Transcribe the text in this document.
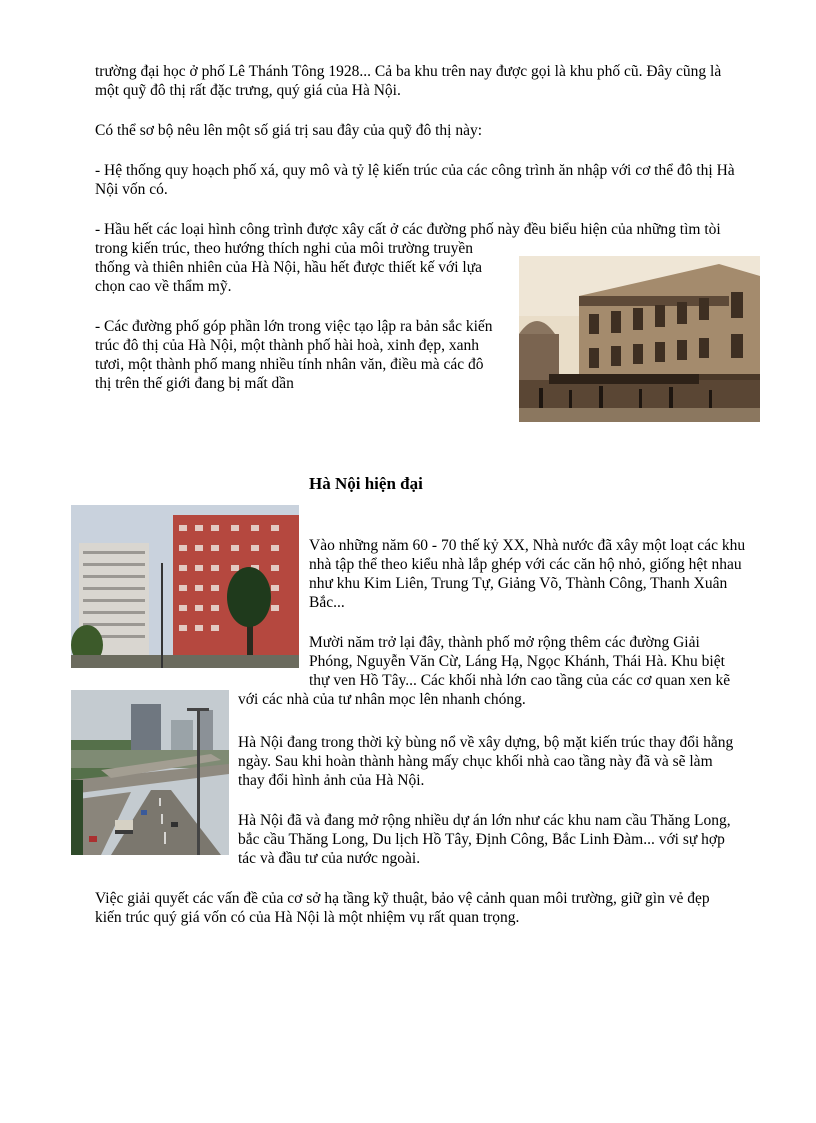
trường đại học ở phố Lê Thánh Tông 1928... Cả ba khu trên nay được gọi là khu phố cũ. Đây cũng là

một quỹ đô thị rất đặc trưng, quý giá của Hà Nội.

Có thể sơ bộ nêu lên một số giá trị sau đây của quỹ đô thị này:

- Hệ thống quy hoạch phố xá, quy mô và tỷ lệ kiến trúc của các công trình ăn nhập với cơ thể đô thị Hà

Nội vốn có.

- Hầu hết các loại hình công trình được xây cất ở các đường phố này đều biểu hiện của những tìm tòi

trong kiến trúc, theo hướng thích nghi của môi trường truyền

thống và thiên nhiên của Hà Nội, hầu hết được thiết kế với lựa

chọn cao về thẩm mỹ.

- Các đường phố góp phần lớn trong việc tạo lập ra bản sắc kiến

trúc đô thị của Hà Nội, một thành phố hài hoà, xinh đẹp, xanh

tươi, một thành phố mang nhiều tính nhân văn, điều mà các đô

thị trên thế giới đang bị mất dần

Hà Nội hiện đại

Vào những năm 60 - 70 thế kỷ XX, Nhà nước đã xây một loạt các khu

nhà tập thể theo kiểu nhà lắp ghép với các căn hộ nhỏ, giống hệt nhau

như khu Kim Liên, Trung Tự, Giảng Võ, Thành Công, Thanh Xuân

Bắc...

Mười năm trở lại đây, thành phố mở rộng thêm các đường Giải

Phóng, Nguyễn Văn Cừ, Láng Hạ, Ngọc Khánh, Thái Hà. Khu biệt

thự ven Hồ Tây... Các khối nhà lớn cao tầng của các cơ quan xen kẽ

với các nhà của tư nhân mọc lên nhanh chóng.

Hà Nội đang trong thời kỳ bùng nổ về xây dựng, bộ mặt kiến trúc thay đổi hằng

ngày. Sau khi hoàn thành hàng mấy chục khối nhà cao tầng này đã và sẽ làm

thay đổi hình ảnh của Hà Nội.

Hà Nội đã và đang mở rộng nhiều dự án lớn như các khu nam cầu Thăng Long,

bắc cầu Thăng Long, Du lịch Hồ Tây, Định Công, Bắc Linh Đàm... với sự hợp

tác và đầu tư của nước ngoài.

Việc giải quyết các vấn đề của cơ sở hạ tầng kỹ thuật, bảo vệ cảnh quan môi trường, giữ gìn vẻ đẹp

kiến trúc quý giá vốn có của Hà Nội là một nhiệm vụ rất quan trọng.
